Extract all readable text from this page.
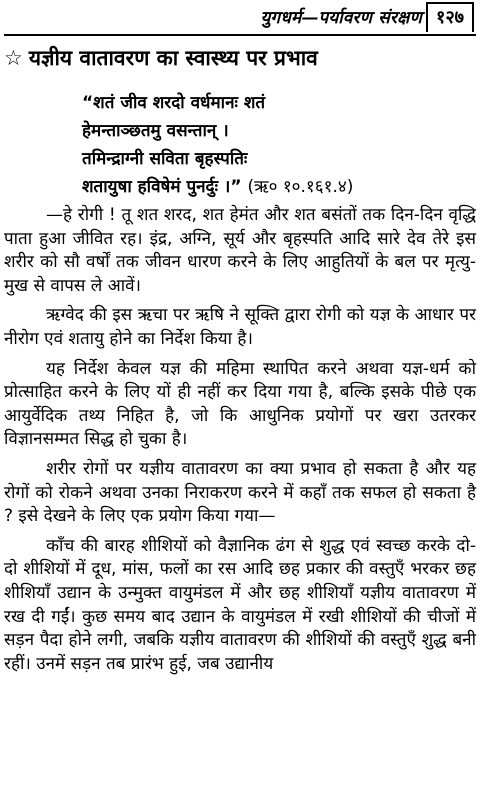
युगधर्म—पर्यावरण संरक्षण १२७
☆ यज्ञीय वातावरण का स्वास्थ्य पर प्रभाव
“शतं जीव शरदो वर्धमानः शतं
हेमन्ताञ्छतमु वसन्तान् ।
तमिन्द्राग्नी सविता बृहस्पतिः
शतायुषा हविषेमं पुनर्दुः ।” (ऋ० १०.१६१.४)

—हे रोगी ! तू शत शरद, शत हेमंत और शत बसंतों तक दिन-दिन वृद्धि पाता हुआ जीवित रह। इंद्र, अग्नि, सूर्य और बृहस्पति आदि सारे देव तेरे इस शरीर को सौ वर्षों तक जीवन धारण करने के लिए आहुतियों के बल पर मृत्यु-मुख से वापस ले आवें।

ऋग्वेद की इस ऋचा पर ऋषि ने सूक्ति द्वारा रोगी को यज्ञ के आधार पर नीरोग एवं शतायु होने का निर्देश किया है।

यह निर्देश केवल यज्ञ की महिमा स्थापित करने अथवा यज्ञ-धर्म को प्रोत्साहित करने के लिए यों ही नहीं कर दिया गया है, बल्कि इसके पीछे एक आयुर्वेदिक तथ्य निहित है, जो कि आधुनिक प्रयोगों पर खरा उतरकर विज्ञानसम्मत सिद्ध हो चुका है।

शरीर रोगों पर यज्ञीय वातावरण का क्या प्रभाव हो सकता है और यह रोगों को रोकने अथवा उनका निराकरण करने में कहाँ तक सफल हो सकता है ? इसे देखने के लिए एक प्रयोग किया गया—

काँच की बारह शीशियों को वैज्ञानिक ढंग से शुद्ध एवं स्वच्छ करके दो-दो शीशियों में दूध, मांस, फलों का रस आदि छह प्रकार की वस्तुएँ भरकर छह शीशियाँ उद्यान के उन्मुक्त वायुमंडल में और छह शीशियाँ यज्ञीय वातावरण में रख दी गईं। कुछ समय बाद उद्यान के वायुमंडल में रखी शीशियों की चीजों में सड़न पैदा होने लगी, जबकि यज्ञीय वातावरण की शीशियों की वस्तुएँ शुद्ध बनी रहीं। उनमें सड़न तब प्रारंभ हुई, जब उद्यानीय
